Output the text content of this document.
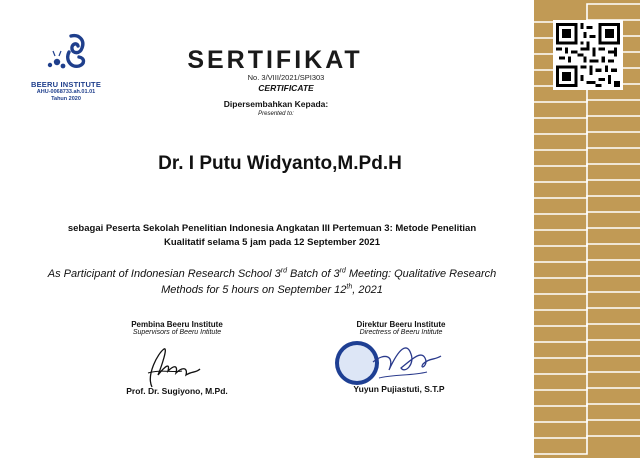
BEERU INSTITUTE
AHU-0068733.ah.01.01
Tahun 2020
SERTIFIKAT
No. 3/VIII/2021/SPI303
CERTIFICATE
Dipersembahkan Kepada:
Presented to:
Dr. I Putu Widyanto,M.Pd.H
sebagai Peserta Sekolah Penelitian Indonesia Angkatan III Pertemuan 3: Metode Penelitian
Kualitatif selama 5 jam pada 12 September 2021
As Participant of Indonesian Research School 3rd Batch of 3rd Meeting: Qualitative Research
Methods for 5 hours on September 12th, 2021
Pembina Beeru Institute
Supervisors of Beeru Intitute
Prof. Dr. Sugiyono, M.Pd.
Direktur Beeru Institute
Directress of Beeru Intitute
Yuyun Pujiastuti, S.T.P
